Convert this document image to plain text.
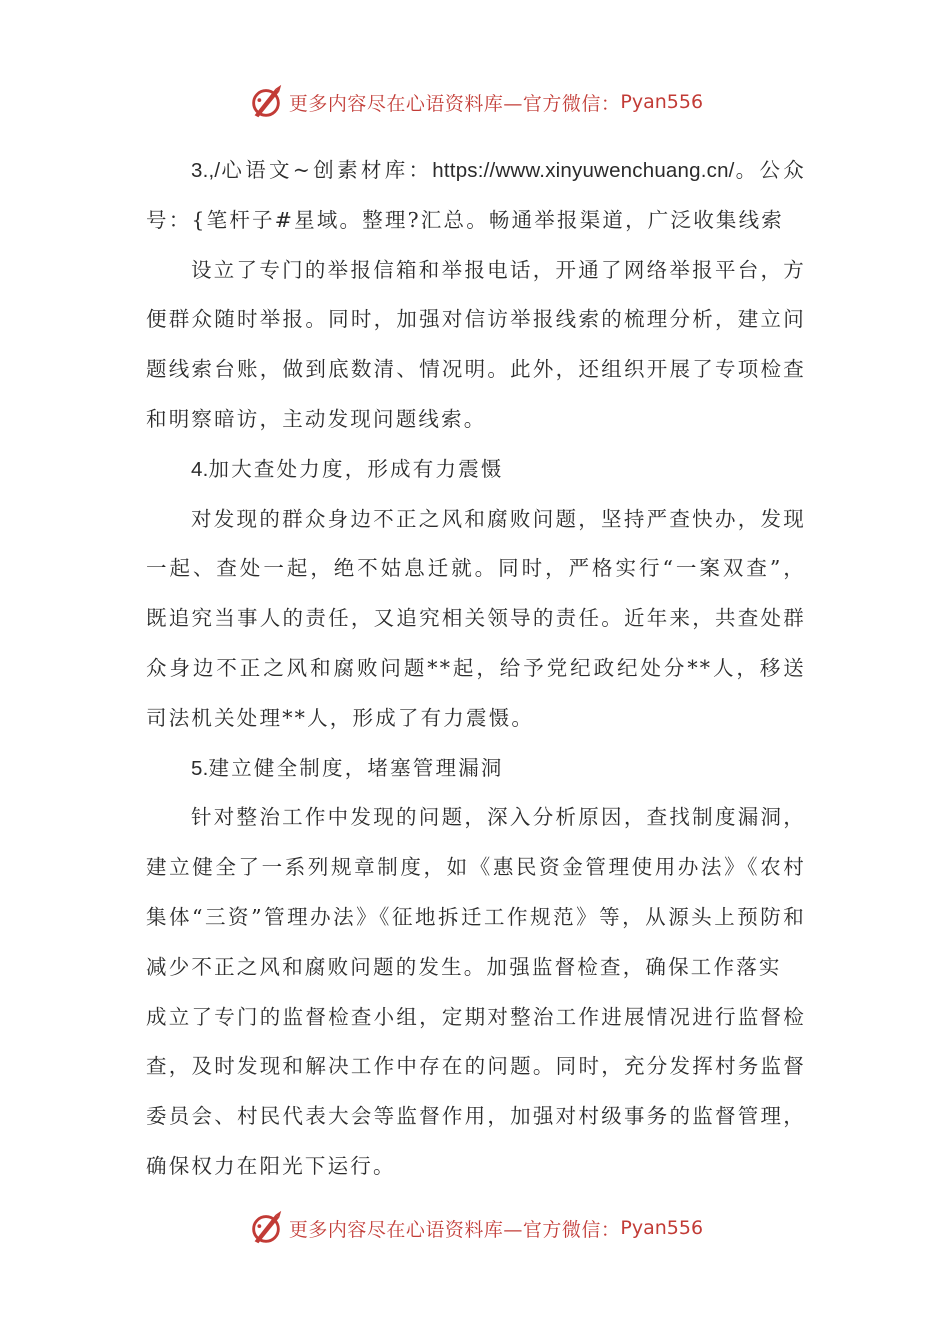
更多内容尽在心语资料库—官方微信： Pyan556

3.,/心语文~创素材库：https://www.xinyuwenchuang.cn/。公众号：{笔杆子#星域。整理?汇总。畅通举报渠道，广泛收集线索

设立了专门的举报信箱和举报电话，开通了网络举报平台，方便群众随时举报。同时，加强对信访举报线索的梳理分析，建立问题线索台账，做到底数清、情况明。此外，还组织开展了专项检查和明察暗访，主动发现问题线索。

4.加大查处力度，形成有力震慑

对发现的群众身边不正之风和腐败问题，坚持严查快办，发现一起、查处一起，绝不姑息迁就。同时，严格实行“一案双查”，既追究当事人的责任，又追究相关领导的责任。近年来，共查处群众身边不正之风和腐败问题**起，给予党纪政纪处分**人，移送司法机关处理**人，形成了有力震慑。

5.建立健全制度，堵塞管理漏洞

针对整治工作中发现的问题，深入分析原因，查找制度漏洞，建立健全了一系列规章制度，如《惠民资金管理使用办法》《农村集体“三资”管理办法》《征地拆迁工作规范》等，从源头上预防和减少不正之风和腐败问题的发生。加强监督检查，确保工作落实

成立了专门的监督检查小组，定期对整治工作进展情况进行监督检查，及时发现和解决工作中存在的问题。同时，充分发挥村务监督委员会、村民代表大会等监督作用，加强对村级事务的监督管理，确保权力在阳光下运行。

更多内容尽在心语资料库—官方微信： Pyan556
